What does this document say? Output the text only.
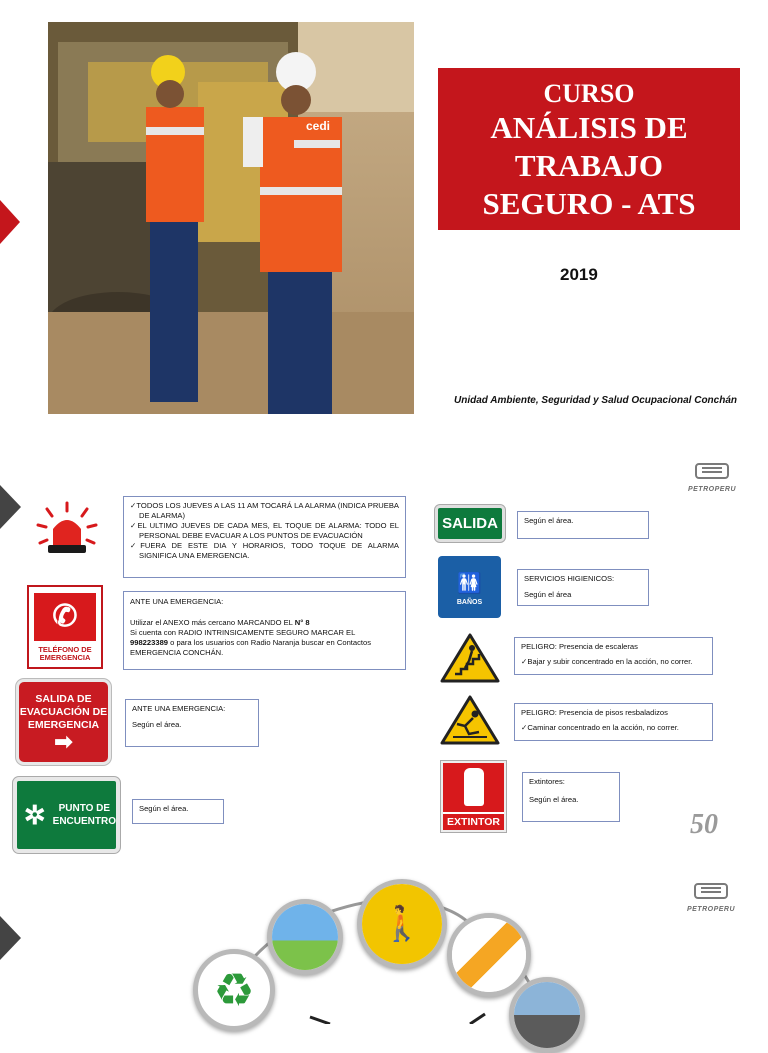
cedi
CURSO
ANÁLISIS DE
TRABAJO
SEGURO - ATS
2019
Unidad Ambiente, Seguridad y Salud Ocupacional Conchán
PETROPERU
✓ TODOS LOS JUEVES A LAS 11 AM TOCARÁ LA ALARMA (INDICA PRUEBA DE ALARMA)
✓ EL ULTIMO JUEVES DE CADA MES, EL TOQUE DE ALARMA: TODO EL PERSONAL DEBE EVACUAR A LOS PUNTOS DE EVACUACIÓN
✓ FUERA DE ESTE DIA Y HORARIOS, TODO TOQUE DE ALARMA SIGNIFICA UNA EMERGENCIA.
✆
TELÉFONO DE EMERGENCIA

ANTE UNA EMERGENCIA:

Utilizar el ANEXO más cercano MARCANDO EL N° 8

Si cuenta con RADIO INTRINSICAMENTE SEGURO MARCAR EL

998223389 o para los usuarios con Radio Naranja buscar en Contactos EMERGENCIA CONCHÁN.

SALIDA DE
EVACUACIÓN DE
EMERGENCIA
➡

ANTE UNA EMERGENCIA:

Según el área.

✲	PUNTO DE
ENCUENTRO

Según el área.

SALIDA	Según el área.

🚻
BAÑOS

SERVICIOS HIGIENICOS:

Según el área

PELIGRO: Presencia de escaleras

✓ Bajar y subir concentrado en la acción, no correr.

PELIGRO: Presencia de pisos resbaladizos

✓ Caminar concentrado en la acción, no correr.
EXTINTOR

Extintores:

Según el área.

50
PETROPERU
🚶
♻
